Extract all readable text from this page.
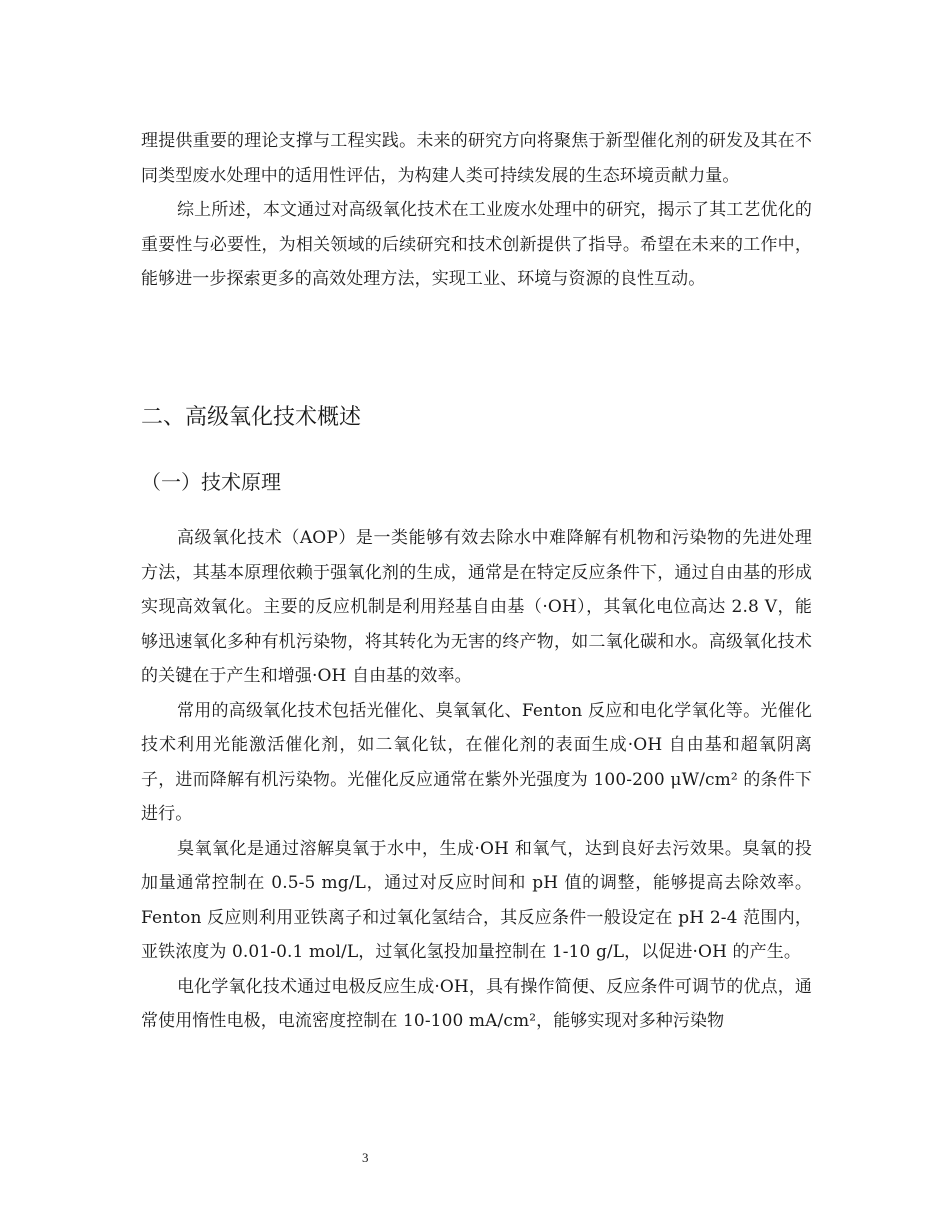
理提供重要的理论支撑与工程实践。未来的研究方向将聚焦于新型催化剂的研发及其在不同类型废水处理中的适用性评估，为构建人类可持续发展的生态环境贡献力量。

综上所述，本文通过对高级氧化技术在工业废水处理中的研究，揭示了其工艺优化的重要性与必要性，为相关领域的后续研究和技术创新提供了指导。希望在未来的工作中，能够进一步探索更多的高效处理方法，实现工业、环境与资源的良性互动。

二、高级氧化技术概述
（一）技术原理

高级氧化技术（AOP）是一类能够有效去除水中难降解有机物和污染物的先进处理方法，其基本原理依赖于强氧化剂的生成，通常是在特定反应条件下，通过自由基的形成实现高效氧化。主要的反应机制是利用羟基自由基（·OH），其氧化电位高达 2.8 V，能够迅速氧化多种有机污染物，将其转化为无害的终产物，如二氧化碳和水。高级氧化技术的关键在于产生和增强·OH 自由基的效率。

常用的高级氧化技术包括光催化、臭氧氧化、Fenton 反应和电化学氧化等。光催化技术利用光能激活催化剂，如二氧化钛，在催化剂的表面生成·OH 自由基和超氧阴离子，进而降解有机污染物。光催化反应通常在紫外光强度为 100-200 μW/cm² 的条件下进行。

臭氧氧化是通过溶解臭氧于水中，生成·OH 和氧气，达到良好去污效果。臭氧的投加量通常控制在 0.5-5 mg/L，通过对反应时间和 pH 值的调整，能够提高去除效率。Fenton 反应则利用亚铁离子和过氧化氢结合，其反应条件一般设定在 pH 2-4 范围内，亚铁浓度为 0.01-0.1 mol/L，过氧化氢投加量控制在 1-10 g/L，以促进·OH 的产生。

电化学氧化技术通过电极反应生成·OH，具有操作简便、反应条件可调节的优点，通常使用惰性电极，电流密度控制在 10-100 mA/cm²，能够实现对多种污染物

3
